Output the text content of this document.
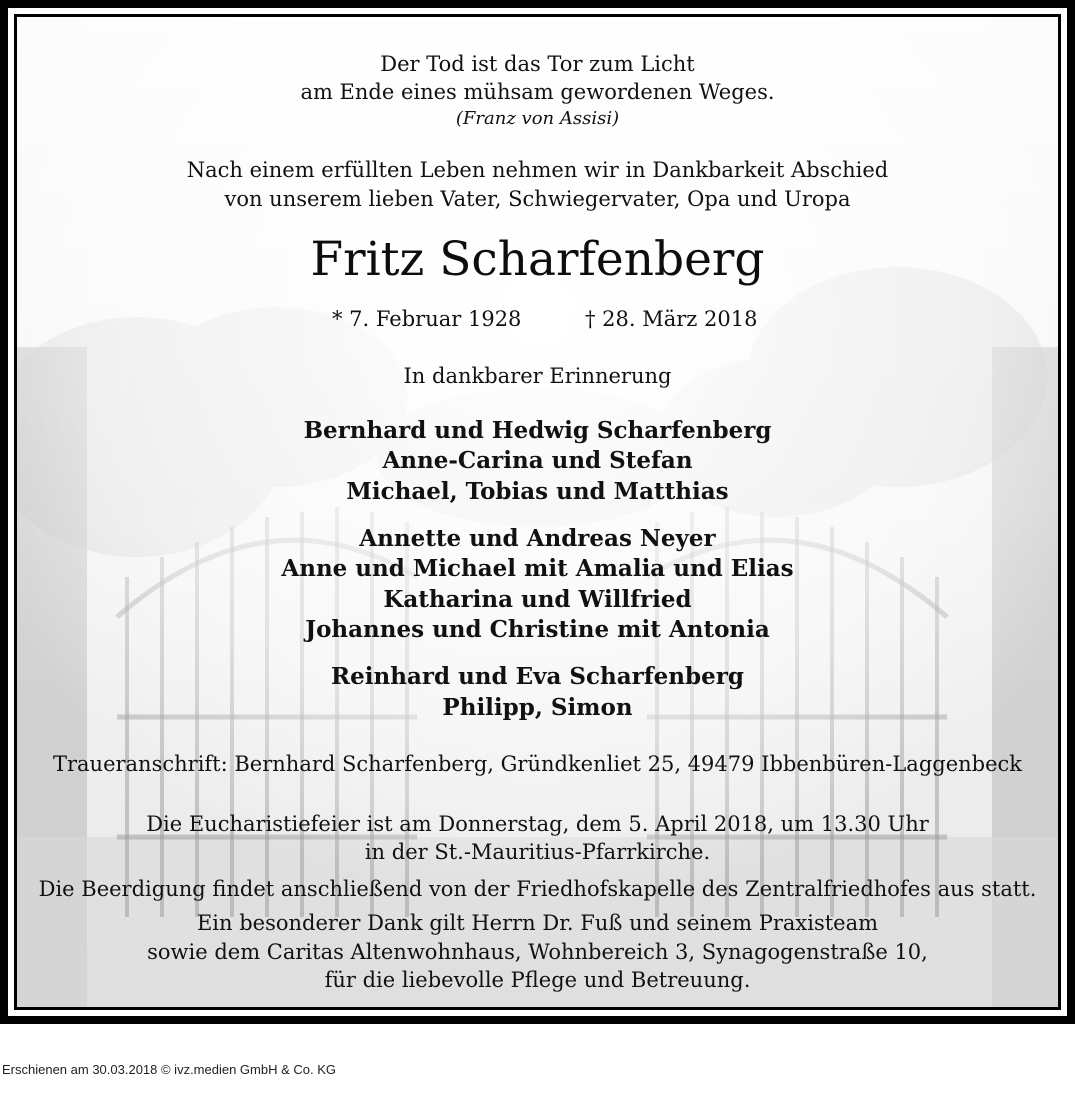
Der Tod ist das Tor zum Licht

am Ende eines mühsam gewordenen Weges.

(Franz von Assisi)

Nach einem erfüllten Leben nehmen wir in Dankbarkeit Abschied

von unserem lieben Vater, Schwiegervater, Opa und Uropa

Fritz Scharfenberg

* 7. Februar 1928	† 28. März 2018

In dankbarer Erinnerung

Bernhard und Hedwig Scharfenberg

Anne-Carina und Stefan

Michael, Tobias und Matthias

Annette und Andreas Neyer

Anne und Michael mit Amalia und Elias

Katharina und Willfried

Johannes und Christine mit Antonia

Reinhard und Eva Scharfenberg

Philipp, Simon

Traueranschrift: Bernhard Scharfenberg, Gründkenliet 25, 49479 Ibbenbüren-Laggenbeck

Die Eucharistiefeier ist am Donnerstag, dem 5. April 2018, um 13.30 Uhr

in der St.-Mauritius-Pfarrkirche.

Die Beerdigung findet anschließend von der Friedhofskapelle des Zentralfriedhofes aus statt.

Ein besonderer Dank gilt Herrn Dr. Fuß und seinem Praxisteam

sowie dem Caritas Altenwohnhaus, Wohnbereich 3, Synagogenstraße 10,

für die liebevolle Pflege und Betreuung.

Erschienen am 30.03.2018 © ivz.medien GmbH & Co. KG
